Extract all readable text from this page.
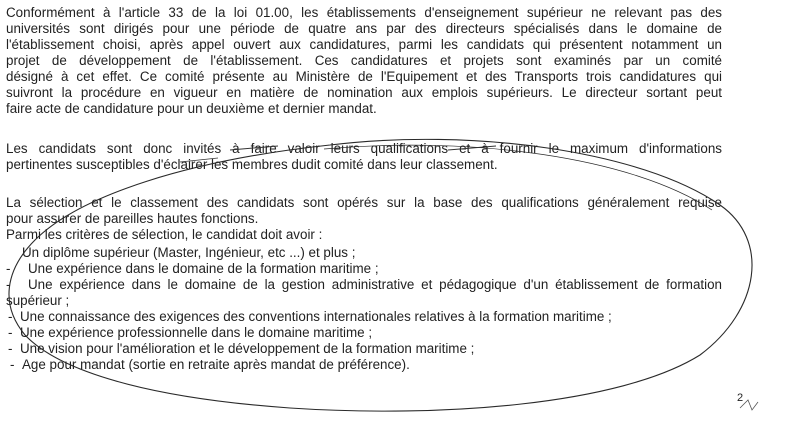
Conformément à l'article 33 de la loi 01.00, les établissements d'enseignement supérieur ne relevant pas des
universités sont dirigés pour une période de quatre ans par des directeurs spécialisés dans le domaine de
l'établissement choisi, après appel ouvert aux candidatures, parmi les candidats qui présentent notamment un
projet de développement de l'établissement. Ces candidatures et projets sont examinés par un comité
désigné à cet effet. Ce comité présente au Ministère de l'Equipement et des Transports trois candidatures qui
suivront la procédure en vigueur en matière de nomination aux emplois supérieurs. Le directeur sortant peut
faire acte de candidature pour un deuxième et dernier mandat.
Les candidats sont donc invités à faire valoir leurs qualifications et à fournir le maximum d'informations
pertinentes susceptibles d'éclairer les membres dudit comité dans leur classement.
La sélection et le classement des candidats sont opérés sur la base des qualifications généralement requise
pour assurer de pareilles hautes fonctions.
Parmi les critères de sélection, le candidat doit avoir :
Un diplôme supérieur (Master, Ingénieur, etc ...) et plus ;
- Une expérience dans le domaine de la formation maritime ;
-	Une expérience dans le domaine de la gestion administrative et pédagogique d'un établissement de formation supérieur ;
- Une connaissance des exigences des conventions internationales relatives à la formation maritime ;
- Une expérience professionnelle dans le domaine maritime ;
- Une vision pour l'amélioration et le développement de la formation maritime ;
- Age pour mandat (sortie en retraite après mandat de préférence).
2
